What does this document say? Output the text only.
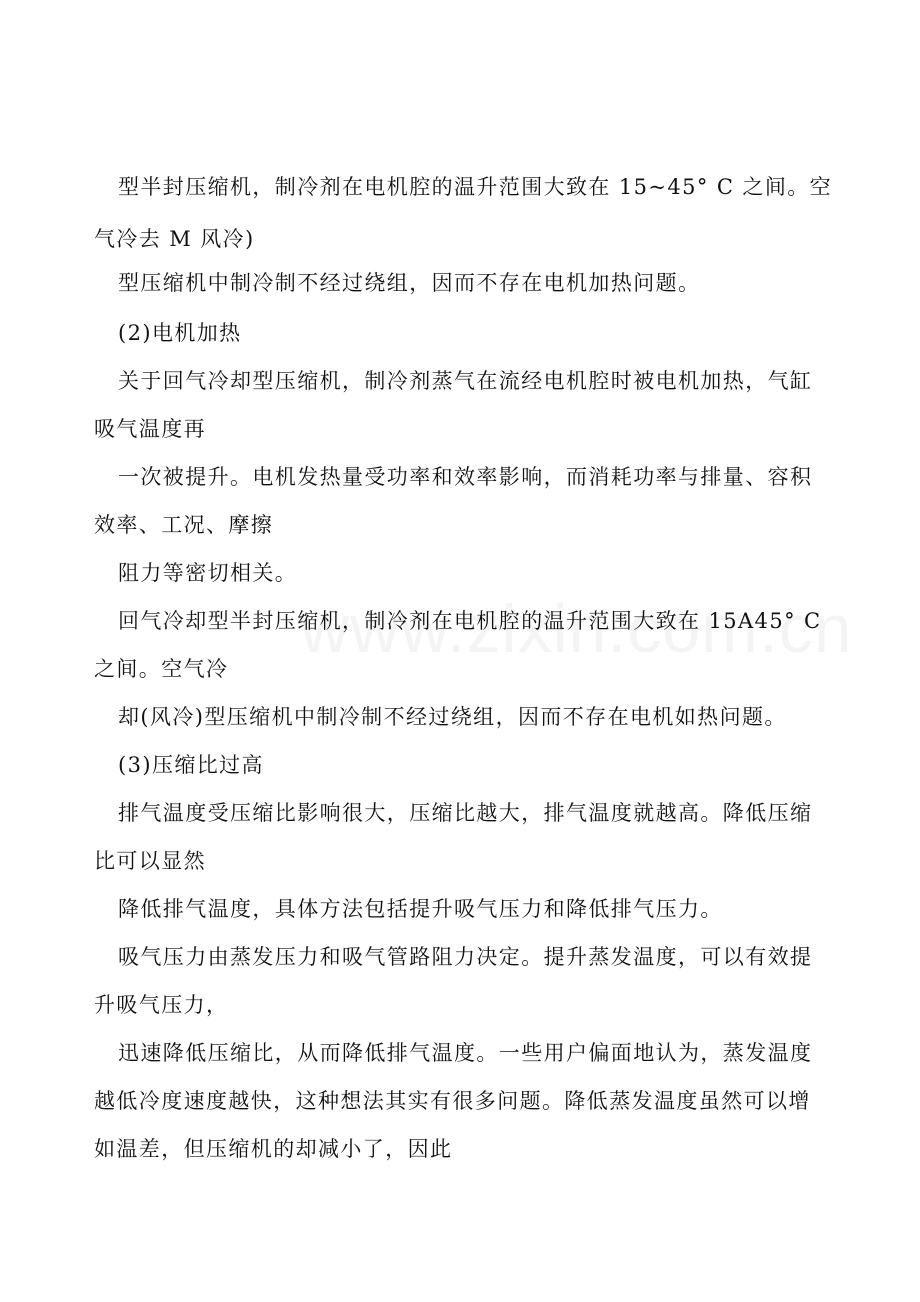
型半封压缩机，制冷剂在电机腔的温升范围大致在 15~45° C 之间。空
气冷去 M 风冷)
型压缩机中制冷制不经过绕组，因而不存在电机加热问题。
(2)电机加热
关于回气冷却型压缩机，制冷剂蒸气在流经电机腔时被电机加热，气缸
吸气温度再
一次被提升。电机发热量受功率和效率影响，而消耗功率与排量、容积
效率、工况、摩擦
阻力等密切相关。
回气冷却型半封压缩机，制冷剂在电机腔的温升范围大致在 15A45° C
之间。空气冷
却(风冷)型压缩机中制冷制不经过绕组，因而不存在电机如热问题。
(3)压缩比过高
排气温度受压缩比影响很大，压缩比越大，排气温度就越高。降低压缩
比可以显然
降低排气温度，具体方法包括提升吸气压力和降低排气压力。
吸气压力由蒸发压力和吸气管路阻力决定。提升蒸发温度，可以有效提
升吸气压力，
迅速降低压缩比，从而降低排气温度。一些用户偏面地认为，蒸发温度
越低冷度速度越快，这种想法其实有很多问题。降低蒸发温度虽然可以增
如温差，但压缩机的却减小了，因此
